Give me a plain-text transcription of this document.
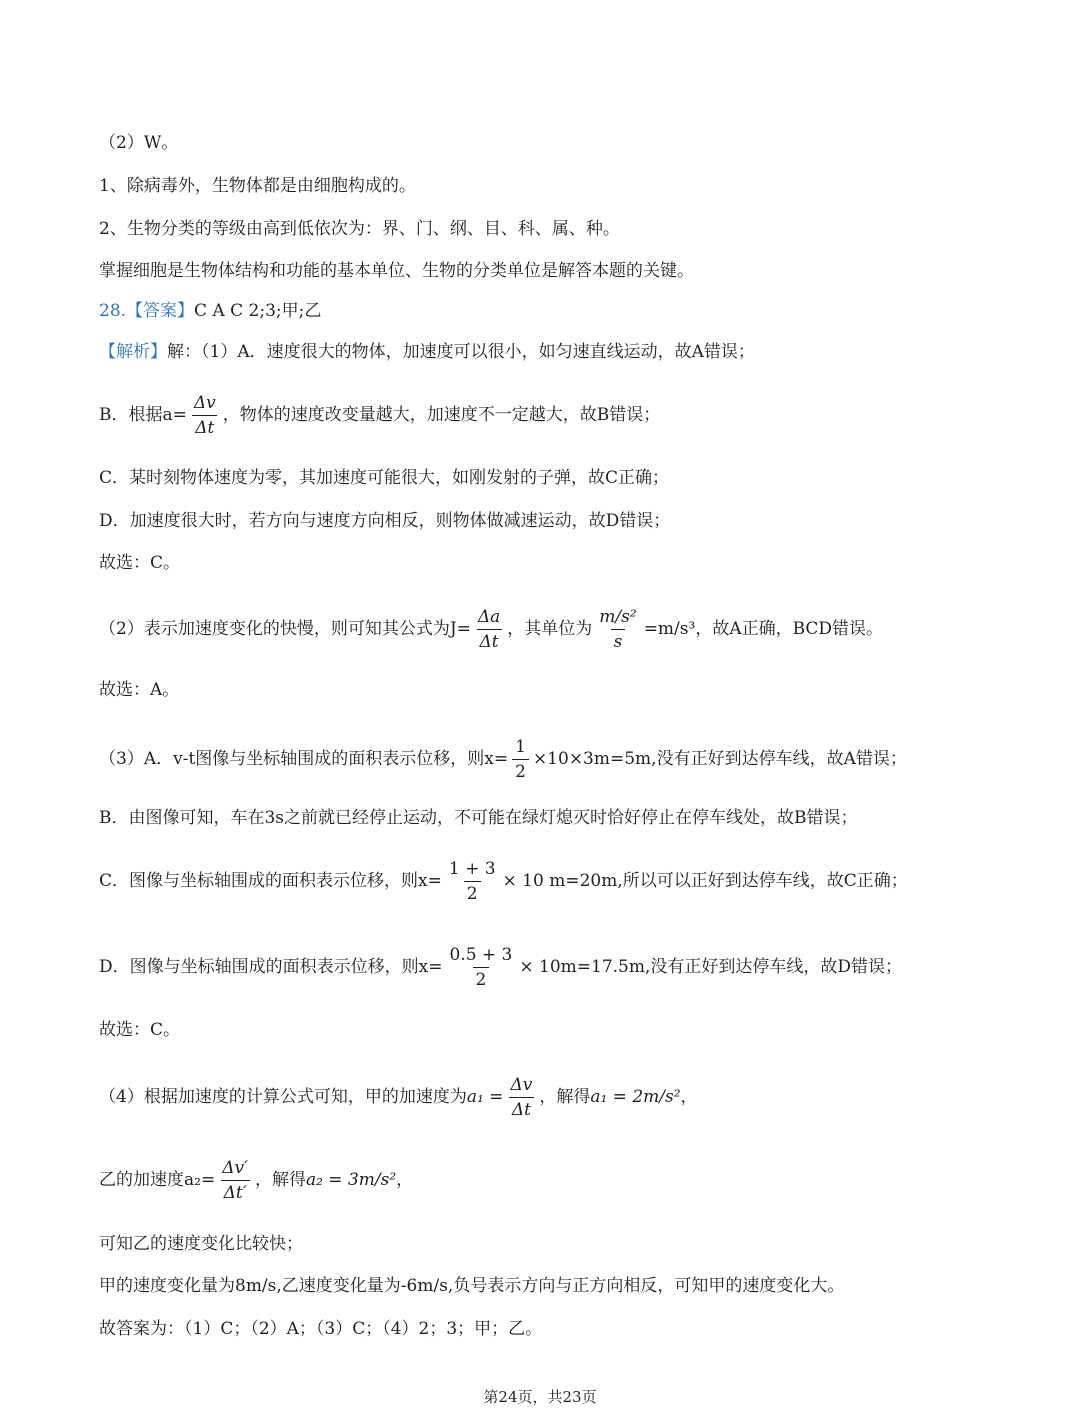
（2）W。
1、除病毒外，生物体都是由细胞构成的。
2、生物分类的等级由高到低依次为：界、门、纲、目、科、属、种。
掌握细胞是生物体结构和功能的基本单位、生物的分类单位是解答本题的关键。
28.【答案】C A C 2;3;甲;乙
【解析】解：（1）A．速度很大的物体，加速度可以很小，如匀速直线运动，故A错误；
B．根据$a= \frac{\Delta v}{\Delta t}$ ，物体的速度改变量越大，加速度不一定越大，故B错误；
C．某时刻物体速度为零，其加速度可能很大，如刚发射的子弹，故C正确；
D．加速度很大时，若方向与速度方向相反，则物体做减速运动，故D错误；
故选：C。
（2）表示加速度变化的快慢，则可知其公式为$J= \frac{\Delta a}{\Delta t}$ ，其单位为 $\frac{\text{m/s²}}{s} =m/s^3$，故A正确，BCD错误。
故选：A。
（3）A．v-t图像与坐标轴围成的面积表示位移，则$x= \frac{1}{2} \times 10\times 3m=5m$,没有正好到达停车线，故A错误；
B．由图像可知，车在3s之前就已经停止运动，不可能在绿灯熄灭时恰好停止在停车线处，故B错误；
C．图像与坐标轴围成的面积表示位移，则$x= \frac{1 + 3}{2} \times 10$ m=20m,所以可以正好到达停车线，故C正确；
D．图像与坐标轴围成的面积表示位移，则$x= \frac{0.5 + 3}{2} \times 10m=17.5m$,没有正好到达停车线，故D错误；
故选：C。
（4）根据加速度的计算公式可知，甲的加速度为$a_1 = \frac{\Delta v}{\Delta t}$ ，解得a₁ = 2m/s²，
乙的加速度$a_2= \frac{\Delta v'}{\Delta t'}$ ，解得a₂ = 3m/s²，
可知乙的速度变化比较快；
甲的速度变化量为8m/s,乙速度变化量为-6m/s,负号表示方向与正方向相反，可知甲的速度变化大。
故答案为：（1）C；（2）A；（3）C；（4）2；3；甲；乙。
第24页，共23页
